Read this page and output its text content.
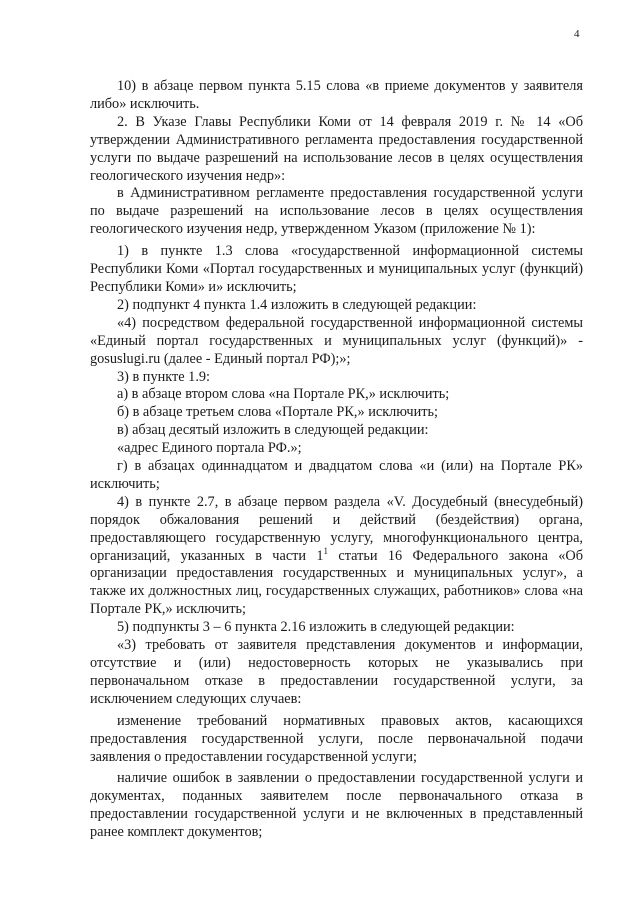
4

10) в абзаце первом пункта 5.15 слова «в приеме документов у заявителя либо» исключить.

2. В Указе Главы Республики Коми от 14 февраля 2019 г. № 14 «Об утверждении Административного регламента предоставления государственной услуги по выдаче разрешений на использование лесов в целях осуществления геологического изучения недр»:

в Административном регламенте предоставления государственной услуги по выдаче разрешений на использование лесов в целях осуществления геологического изучения недр, утвержденном Указом (приложение № 1):

1) в пункте 1.3 слова «государственной информационной системы Республики Коми «Портал государственных и муниципальных услуг (функций) Республики Коми» и» исключить;

2) подпункт 4 пункта 1.4 изложить в следующей редакции:

«4) посредством федеральной государственной информационной системы «Единый портал государственных и муниципальных услуг (функций)» - gosuslugi.ru (далее - Единый портал РФ);»;

3) в пункте 1.9:

а) в абзаце втором слова «на Портале РК,» исключить;

б) в абзаце третьем слова «Портале РК,» исключить;

в) абзац десятый изложить в следующей редакции:

«адрес Единого портала РФ.»;

г) в абзацах одиннадцатом и двадцатом слова «и (или) на Портале РК» исключить;

4) в пункте 2.7, в абзаце первом раздела «V. Досудебный (внесудебный) порядок обжалования решений и действий (бездействия) органа, предоставляющего государственную услугу, многофункционального центра, организаций, указанных в части $1^1$ статьи 16 Федерального закона «Об организации предоставления государственных и муниципальных услуг», а также их должностных лиц, государственных служащих, работников» слова «на Портале РК,» исключить;

5) подпункты 3 – 6 пункта 2.16 изложить в следующей редакции:

«3) требовать от заявителя представления документов и информации, отсутствие и (или) недостоверность которых не указывались при первоначальном отказе в предоставлении государственной услуги, за исключением следующих случаев:

изменение требований нормативных правовых актов, касающихся предоставления государственной услуги, после первоначальной подачи заявления о предоставлении государственной услуги;

наличие ошибок в заявлении о предоставлении государственной услуги и документах, поданных заявителем после первоначального отказа в предоставлении государственной услуги и не включенных в представленный ранее комплект документов;
